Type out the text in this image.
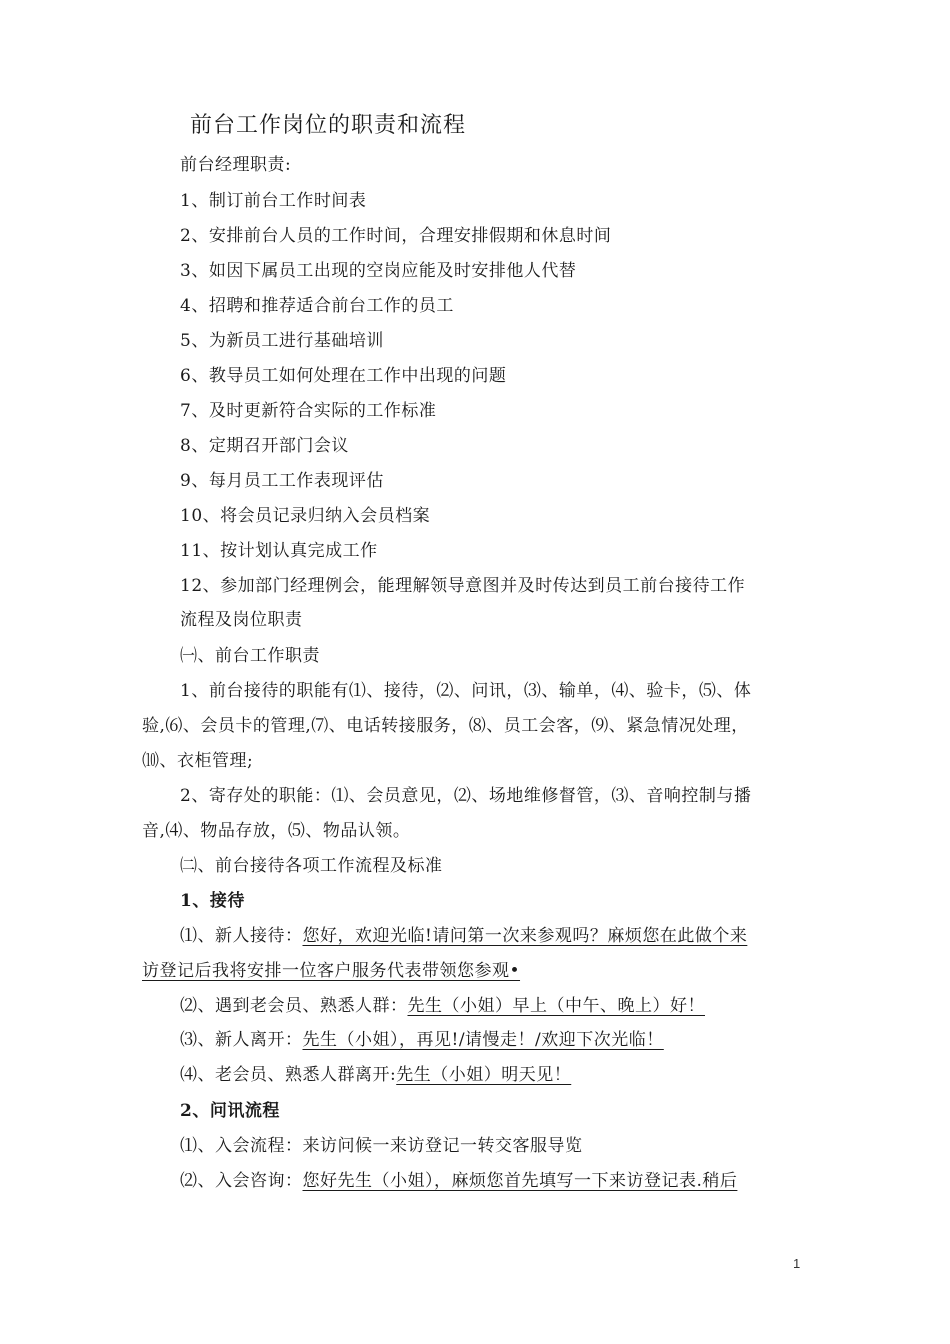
前台工作岗位的职责和流程
前台经理职责:
1、制订前台工作时间表
2、安排前台人员的工作时间，合理安排假期和休息时间
3、如因下属员工出现的空岗应能及时安排他人代替
4、招聘和推荐适合前台工作的员工
5、为新员工进行基础培训
6、教导员工如何处理在工作中出现的问题
7、及时更新符合实际的工作标准
8、定期召开部门会议
9、每月员工工作表现评估
10、将会员记录归纳入会员档案
11、按计划认真完成工作
12、参加部门经理例会，能理解领导意图并及时传达到员工前台接待工作
流程及岗位职责
㈠、前台工作职责
1、前台接待的职能有⑴、接待，⑵、问讯，⑶、输单，⑷、验卡，⑸、体
验,⑹、会员卡的管理,⑺、电话转接服务，⑻、员工会客，⑼、紧急情况处理，
⑽、衣柜管理;
2、寄存处的职能：⑴、会员意见，⑵、场地维修督管，⑶、音响控制与播
音,⑷、物品存放，⑸、物品认领。
㈡、前台接待各项工作流程及标准
1、接待
⑴、新人接待：您好，欢迎光临!请问第一次来参观吗？麻烦您在此做个来
访登记后我将安排一位客户服务代表带领您参观•
⑵、遇到老会员、熟悉人群：先生（小姐）早上（中午、晚上）好！
⑶、新人离开：先生（小姐），再见!/请慢走！/欢迎下次光临！
⑷、老会员、熟悉人群离开:先生（小姐）明天见！
2、问讯流程
⑴、入会流程：来访问候一来访登记一转交客服导览
⑵、入会咨询：您好先生（小姐），麻烦您首先填写一下来访登记表.稍后
1
